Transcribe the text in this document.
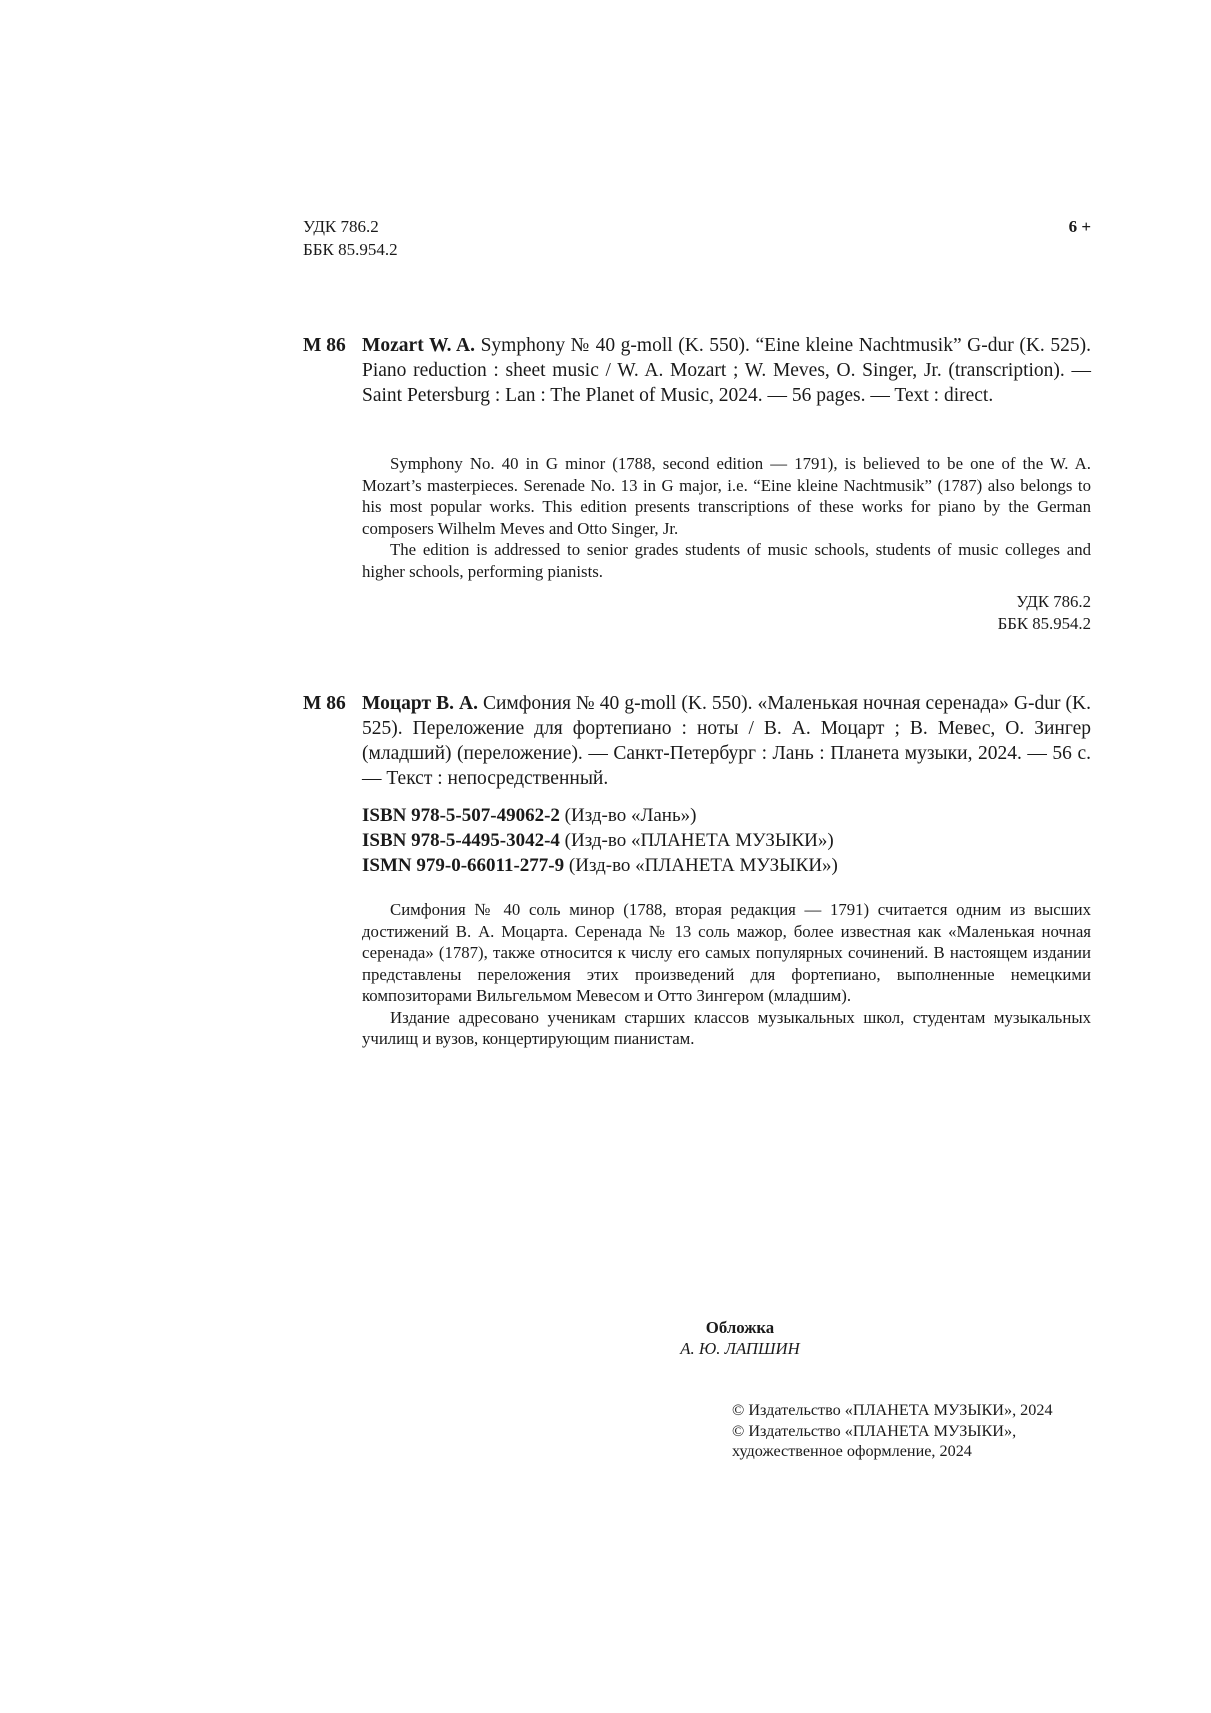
УДК 786.2
ББК 85.954.2
6 +
M 86 Mozart W. A. Symphony № 40 g-moll (K. 550). “Eine kleine Nachtmusik” G-dur (K. 525). Piano reduction : sheet music / W. A. Mozart ; W. Meves, O. Singer, Jr. (transcription). — Saint Petersburg : Lan : The Planet of Music, 2024. — 56 pages. — Text : direct.

Symphony No. 40 in G minor (1788, second edition — 1791), is believed to be one of the W. A. Mozart’s masterpieces. Serenade No. 13 in G major, i.e. “Eine kleine Nachtmusik” (1787) also belongs to his most popular works. This edition presents transcriptions of these works for piano by the German composers Wilhelm Meves and Otto Singer, Jr.

The edition is addressed to senior grades students of music schools, students of music colleges and higher schools, performing pianists.

УДК 786.2
ББК 85.954.2
M 86 Моцарт В. А. Симфония № 40 g-moll (K. 550). «Маленькая ночная серенада» G-dur (K. 525). Переложение для фортепиано : ноты / В. А. Моцарт ; В. Мевес, О. Зингер (младший) (переложение). — Санкт-Петербург : Лань : Планета музыки, 2024. — 56 с. — Текст : непосредственный.
ISBN 978-5-507-49062-2 (Изд-во «Лань»)
ISBN 978-5-4495-3042-4 (Изд-во «ПЛАНЕТА МУЗЫКИ»)
ISMN 979-0-66011-277-9 (Изд-во «ПЛАНЕТА МУЗЫКИ»)

Симфония № 40 соль минор (1788, вторая редакция — 1791) считается одним из высших достижений В. А. Моцарта. Серенада № 13 соль мажор, более известная как «Маленькая ночная серенада» (1787), также относится к числу его самых популярных сочинений. В настоящем издании представлены переложения этих произведений для фортепиано, выполненные немецкими композиторами Вильгельмом Мевесом и Отто Зингером (младшим).

Издание адресовано ученикам старших классов музыкальных школ, студентам музыкальных училищ и вузов, концертирующим пианистам.

Обложка
А. Ю. ЛАПШИН
© Издательство «ПЛАНЕТА МУЗЫКИ», 2024
© Издательство «ПЛАНЕТА МУЗЫКИ»,
художественное оформление, 2024
